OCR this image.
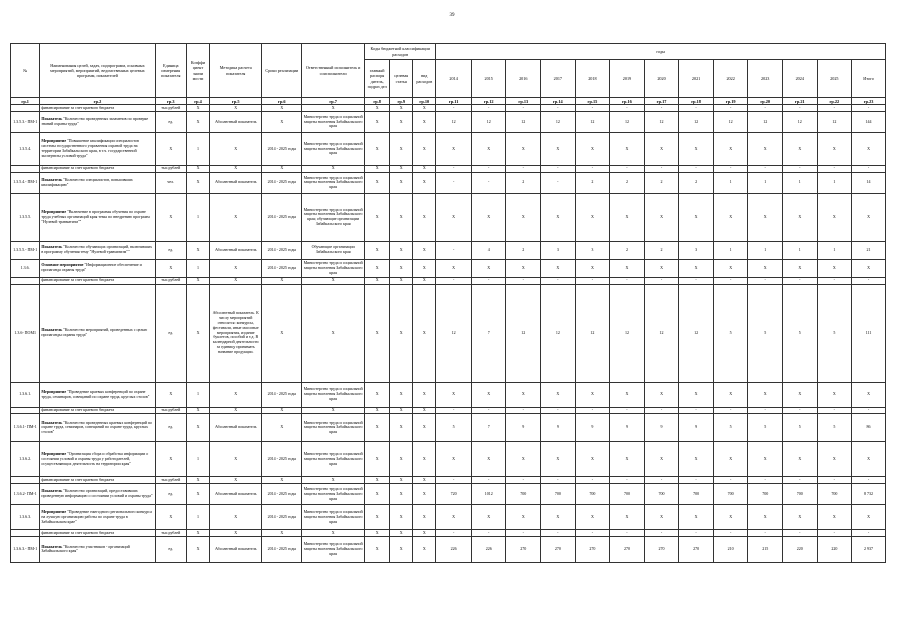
39
№	Наименования целей, задач, подпрограмм, основных мероприятий, мероприятий, ведомственных целевых программ, показателей	Единица измерения показателя	Коэффи циент значи мости	Методика расчета показателя	Сроки реализации	Ответственный исполнитель и соисполнители	Коды бюджетной классификации расходов			годы												
							главный распоря дитель, подраз дел	целевая статья	вид расходов	2014	2015	2016	2017	2018	2019	2020	2021	2022	2023	2024	2025	Итого
гр.1	гр.2	гр.3	гр.4	гр.5	гр.6	гр.7	гр.8	гр.9	гр.10	гр.11	гр.12	гр.13	гр.14	гр.15	гр.16	гр.17	гр.18	гр.19	гр.20	гр.21	гр.22	гр.23
	финансирование за счет краевого бюджета	тыс.рублей	X	X	X	X	X	X	X	-	-	-	-	-	-	-	-	-	-	-	-	-
1.3.5.3.- ПМ-1	Показатель "Количество проведенных экзаменов по проверке знаний охраны труда"	ед.	X	Абсолютный показатель	X	Министерство труда и социальной защиты населения Забайкальского края	X	X	X	12	12	12	12	12	12	12	12	12	12	12	12	144
1.3.5.4.	Мероприятие "Повышение квалификации специалистов системы государственного управления охраной труда на территории Забайкальского края, в т.ч. государственной экспертизы условий труда"	X	1	X	2014 - 2025 годы	Министерство труда и социальной защиты населения Забайкальского края	X	X	X	X	X	X	X	X	X	X	X	X	X	X	X	X
	финансирование за счет краевого бюджета	тыс.рублей	X	X	X	X	X	X	X	-	-	-	-	-	-	-	-	-	-	-	-	-
1.3.5.4.- ПМ-1	Показатель "Количество специалистов, повысивших квалификацию"	чел.	X	Абсолютный показатель	2014 - 2025 годы	Министерство труда и социальной защиты населения Забайкальского края	X	X	X	-	-	2	-	2	2	2	2	1	1	1	1	14
1.3.5.5.	Мероприятие "Включение в программы обучения по охране труда учебных организаций края темы по внедрению программ "Нулевой травматизм""	X	1	X	2014 - 2025 годы	Министерство труда и социальной защиты населения Забайкальского края; обучающие организации Забайкальского края	X	X	X	X	X	X	X	X	X	X	X	X	X	X	X	X
1.3.5.5.- ПМ-1	Показатель "Количество обучающих организаций, включивших в программу обучения тему "Нулевой травматизм""	ед.	X	Абсолютный показатель	2014 - 2025 годы	Обучающие организации Забайкальского края	X	X	X	-	4	2	3	3	2	2	3	1	1	1	1	21
1.3.6.	Основное мероприятие "Информационное обеспечение и пропаганда охраны труда"	X	1	X	2014 - 2025 годы	Министерство труда и социальной защиты населения Забайкальского края	X	X	X	X	X	X	X	X	X	X	X	X	X	X	X	X
	финансирование за счет краевого бюджета	тыс.рублей	X	X	X	X	X	X	X	-	-	-	-	-	-	-	-	-	-	-	-	-
1.3.6- ПОМ1	Показатель "Количество мероприятий, проведенных с целью пропаганды охраны труда"	ед.	X	Абсолютный показатель. К числу мероприятий относятся: конкурсы, фестивали, иные массовые мероприятия, издание буклетов, пособий и т.д. В календарной деятельности за единицу принимать название продукции.	X	X	X	X	X	12	7	12	12	12	12	12	12	5	5	5	5	111
1.3.6.1.	Мероприятие "Проведение краевых конференций по охране труда, семинаров, совещаний по охране труда, круглых столов"	X	1	X	2014 - 2025 годы	Министерство труда и социальной защиты населения Забайкальского края	X	X	X	X	X	X	X	X	X	X	X	X	X	X	X	X
	финансирование за счет краевого бюджета	тыс.рублей	X	X	X	X	X	X	X	-	-	-	-	-	-	-	-	-	-	-	-	-
1.3.6.1- ПМ-1	Показатель "Количество проведенных краевых конференций по охране труда, семинаров, совещаний по охране труда, круглых столов"	ед.	X	Абсолютный показатель	X	Министерство труда и социальной защиты населения Забайкальского края	X	X	X	5	7	9	9	9	9	9	9	5	5	5	5	86
1.3.6.2.	Мероприятие "Организация сбора и обработка информации о состоянии условий и охраны труда у работодателей, осуществляющих деятельность на территории края"	X	1	X	2014 - 2025 годы	Министерство труда и социальной защиты населения Забайкальского края	X	X	X	X	X	X	X	X	X	X	X	X	X	X	X	X
	финансирование за счет краевого бюджета	тыс.рублей	X	X	X	X	X	X	X	-	-	-	-	-	-	-	-	-	-	-	-	-
1.3.6.2- ПМ-1	Показатель "Количество организаций, предоставивших проведенную информацию о состоянии условий и охраны труда"	ед.	X	Абсолютный показатель	2014 - 2025 годы	Министерство труда и социальной защиты населения Забайкальского края	X	X	X	720	1012	700	700	700	700	700	700	700	700	700	700	8 732
1.3.6.3.	Мероприятие "Проведение ежегодного регионального конкурса на лучшую организацию работы по охране труда в Забайкальском крае"	X	1	X	2014 - 2025 годы	Министерство труда и социальной защиты населения Забайкальского края	X	X	X	X	X	X	X	X	X	X	X	X	X	X	X	X
	финансирование за счет краевого бюджета	тыс.рублей	X	X	X	X	X	X	X	-	-	-	-	-	-	-	-	-	-	-	-	-
1.3.6.3.- ПМ-1	Показатель "Количество участников - организаций Забайкальского края"	ед.	X	Абсолютный показатель	2014 - 2025 годы	Министерство труда и социальной защиты населения Забайкальского края	X	X	X	226	226	270	270	270	270	270	270	210	215	220	220	2 937
